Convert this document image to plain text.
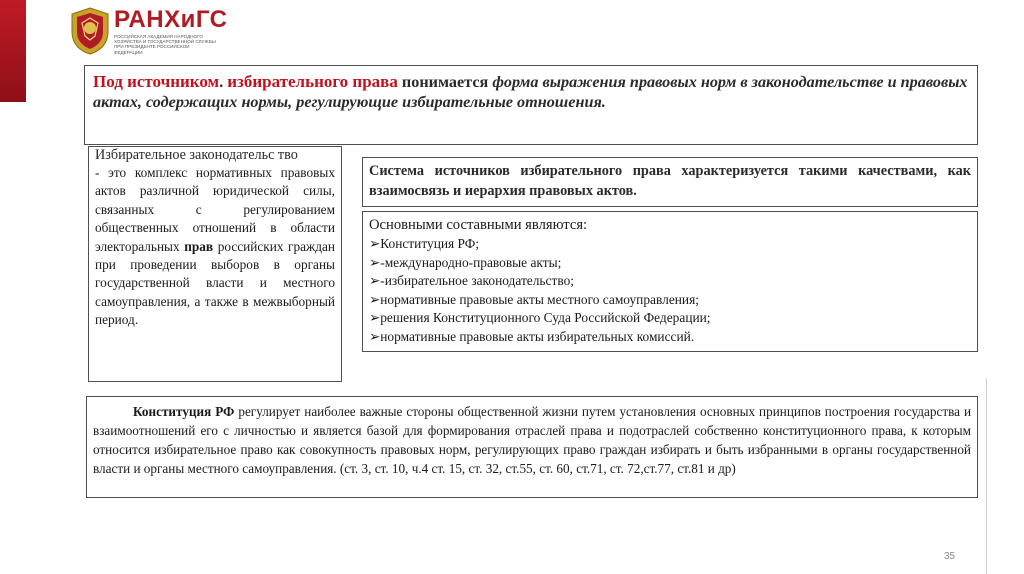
РАНХиГС
РОССИЙСКАЯ АКАДЕМИЯ НАРОДНОГО ХОЗЯЙСТВА И ГОСУДАРСТВЕННОЙ СЛУЖБЫ ПРИ ПРЕЗИДЕНТЕ РОССИЙСКОЙ ФЕДЕРАЦИИ
Под источником. избирательного права понимается форма выражения правовых норм в законодательстве и правовых актах, содержащих нормы, регулирующие избирательные отношения.
Избирательное законодательс тво
- это комплекс нормативных правовых актов различной юридической силы, связанных с регулированием общественных отношений в области электоральных прав российских граждан при проведении выборов в органы государственной власти и местного самоуправления, а также в межвыборный период.
Система источников избирательного права характеризуется такими качествами, как взаимосвязь и иерархия правовых актов.
Основными составными являются:
➢Конституция РФ;
➢-международно-правовые акты;
➢-избирательное законодательство;
➢нормативные правовые акты местного самоуправления;
➢решения Конституционного Суда Российской Федерации;
➢нормативные правовые акты избирательных комиссий.
Конституция РФ регулирует наиболее важные стороны общественной жизни путем установления основных принципов построения государства и взаимоотношений его с личностью и является базой для формирования отраслей права и подотраслей собственно конституционного права, к которым относится избирательное право как совокупность правовых норм, регулирующих право граждан избирать и быть избранными в органы государственной власти и органы местного самоуправления. (ст. 3, ст. 10, ч.4 ст. 15, ст. 32, ст.55, ст. 60, ст.71, ст. 72,ст.77, ст.81 и др)
35
